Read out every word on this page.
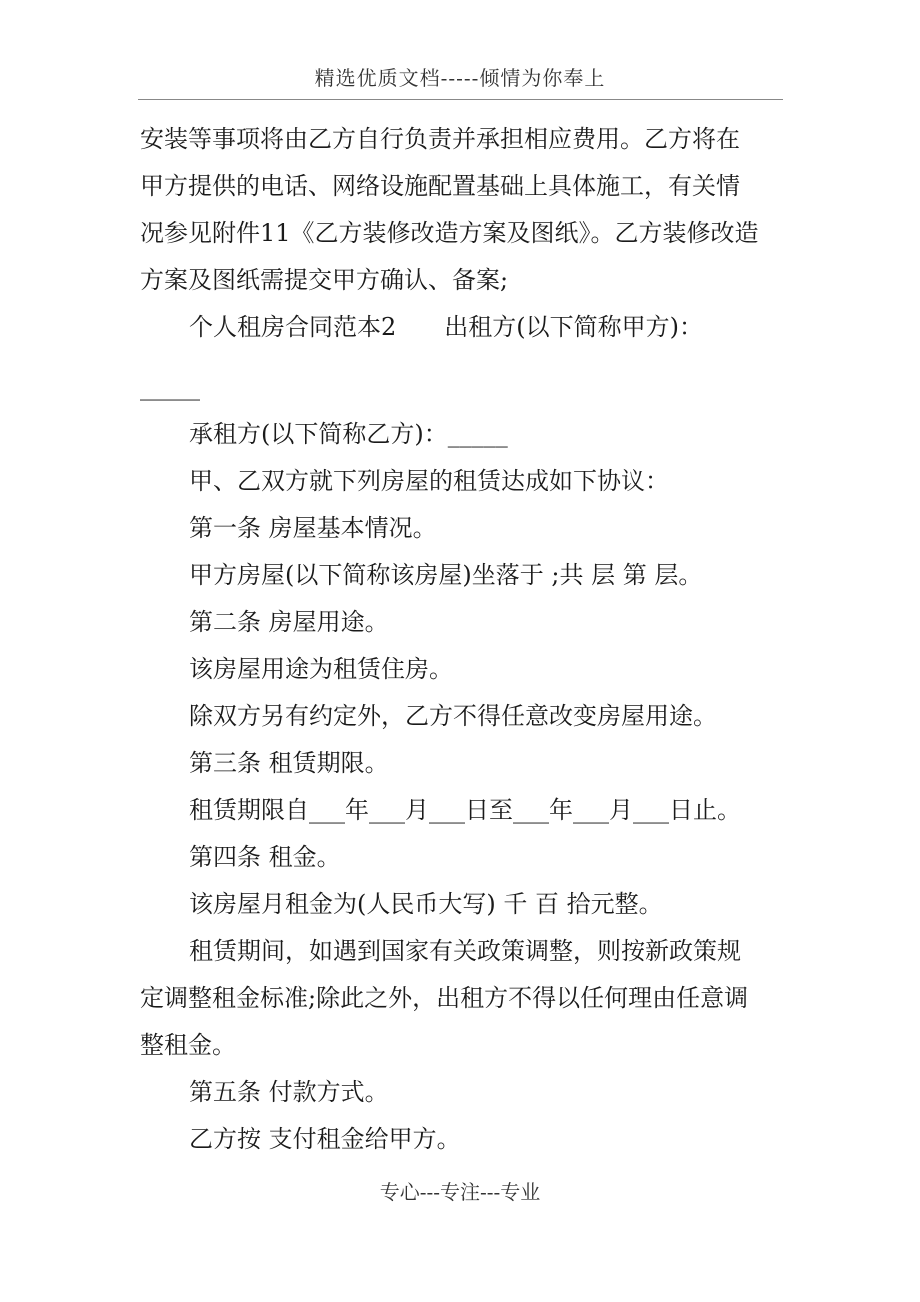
精选优质文档-----倾情为你奉上

安装等事项将由乙方自行负责并承担相应费用。乙方将在

甲方提供的电话、网络设施配置基础上具体施工，有关情

况参见附件11《乙方装修改造方案及图纸》。乙方装修改造

方案及图纸需提交甲方确认、备案;

个人租房合同范本2　　出租方(以下简称甲方)：

_____

承租方(以下简称乙方)：_____

甲、乙双方就下列房屋的租赁达成如下协议：

第一条 房屋基本情况。

甲方房屋(以下简称该房屋)坐落于 ;共 层 第 层。

第二条 房屋用途。

该房屋用途为租赁住房。

除双方另有约定外，乙方不得任意改变房屋用途。

第三条 租赁期限。

租赁期限自___年___月___日至___年___月___日止。

第四条 租金。

该房屋月租金为(人民币大写) 千 百 拾元整。

租赁期间，如遇到国家有关政策调整，则按新政策规

定调整租金标准;除此之外，出租方不得以任何理由任意调

整租金。

第五条 付款方式。

乙方按 支付租金给甲方。

专心---专注---专业
